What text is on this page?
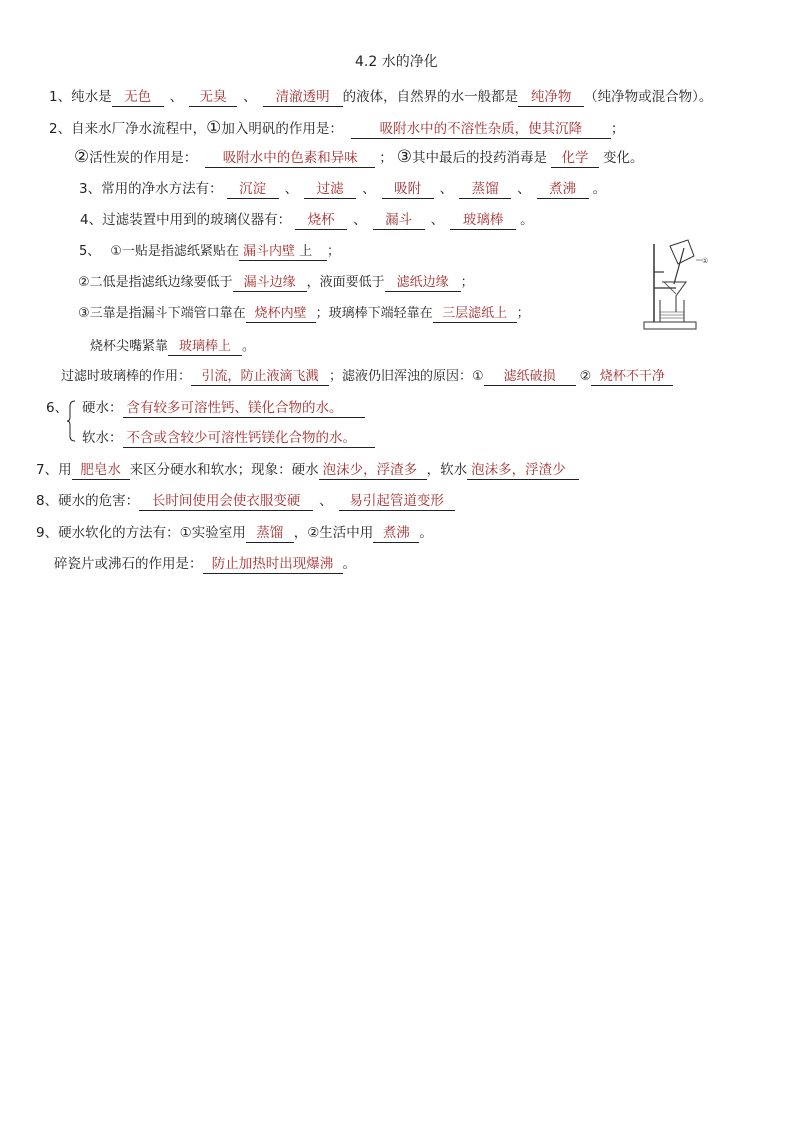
4.2 水的净化
1、纯水是 无色 、 无臭 、 清澈透明 的液体，自然界的水一般都是 纯净物 （纯净物或混合物）。
2、自来水厂净水流程中，①加入明矾的作用是：	吸附水中的不溶性杂质，使其沉降 ；
②活性炭的作用是： 吸附水中的色素和异味 ； ③其中最后的投药消毒是 化学 变化。
3、常用的净水方法有： 沉淀 、 过滤 、 吸附 、 蒸馏 、 煮沸 。
4、过滤装置中用到的玻璃仪器有： 烧杯 、 漏斗 、 玻璃棒 。
5、 ①一贴是指滤纸紧贴在 漏斗内壁 上 ；
②二低是指滤纸边缘要低于 漏斗边缘 ，液面要低于 滤纸边缘 ；
③三靠是指漏斗下端管口靠在 烧杯内壁 ；玻璃棒下端轻靠在 三层滤纸上 ；
烧杯尖嘴紧靠 玻璃棒上 。
过滤时玻璃棒的作用： 引流，防止液滴飞溅 ；滤液仍旧浑浊的原因：① 滤纸破损 ② 烧杯不干净
①
6、 硬水： 含有较多可溶性钙、镁化合物的水。
软水： 不含或含较少可溶性钙镁化合物的水。
7、用 肥皂水 来区分硬水和软水；现象：硬水 泡沫少，浮渣多 ，软水 泡沫多，浮渣少
8、硬水的危害： 长时间使用会使衣服变硬 、 易引起管道变形
9、硬水软化的方法有：①实验室用 蒸馏 ，②生活中用 煮沸 。
碎瓷片或沸石的作用是： 防止加热时出现爆沸 。
